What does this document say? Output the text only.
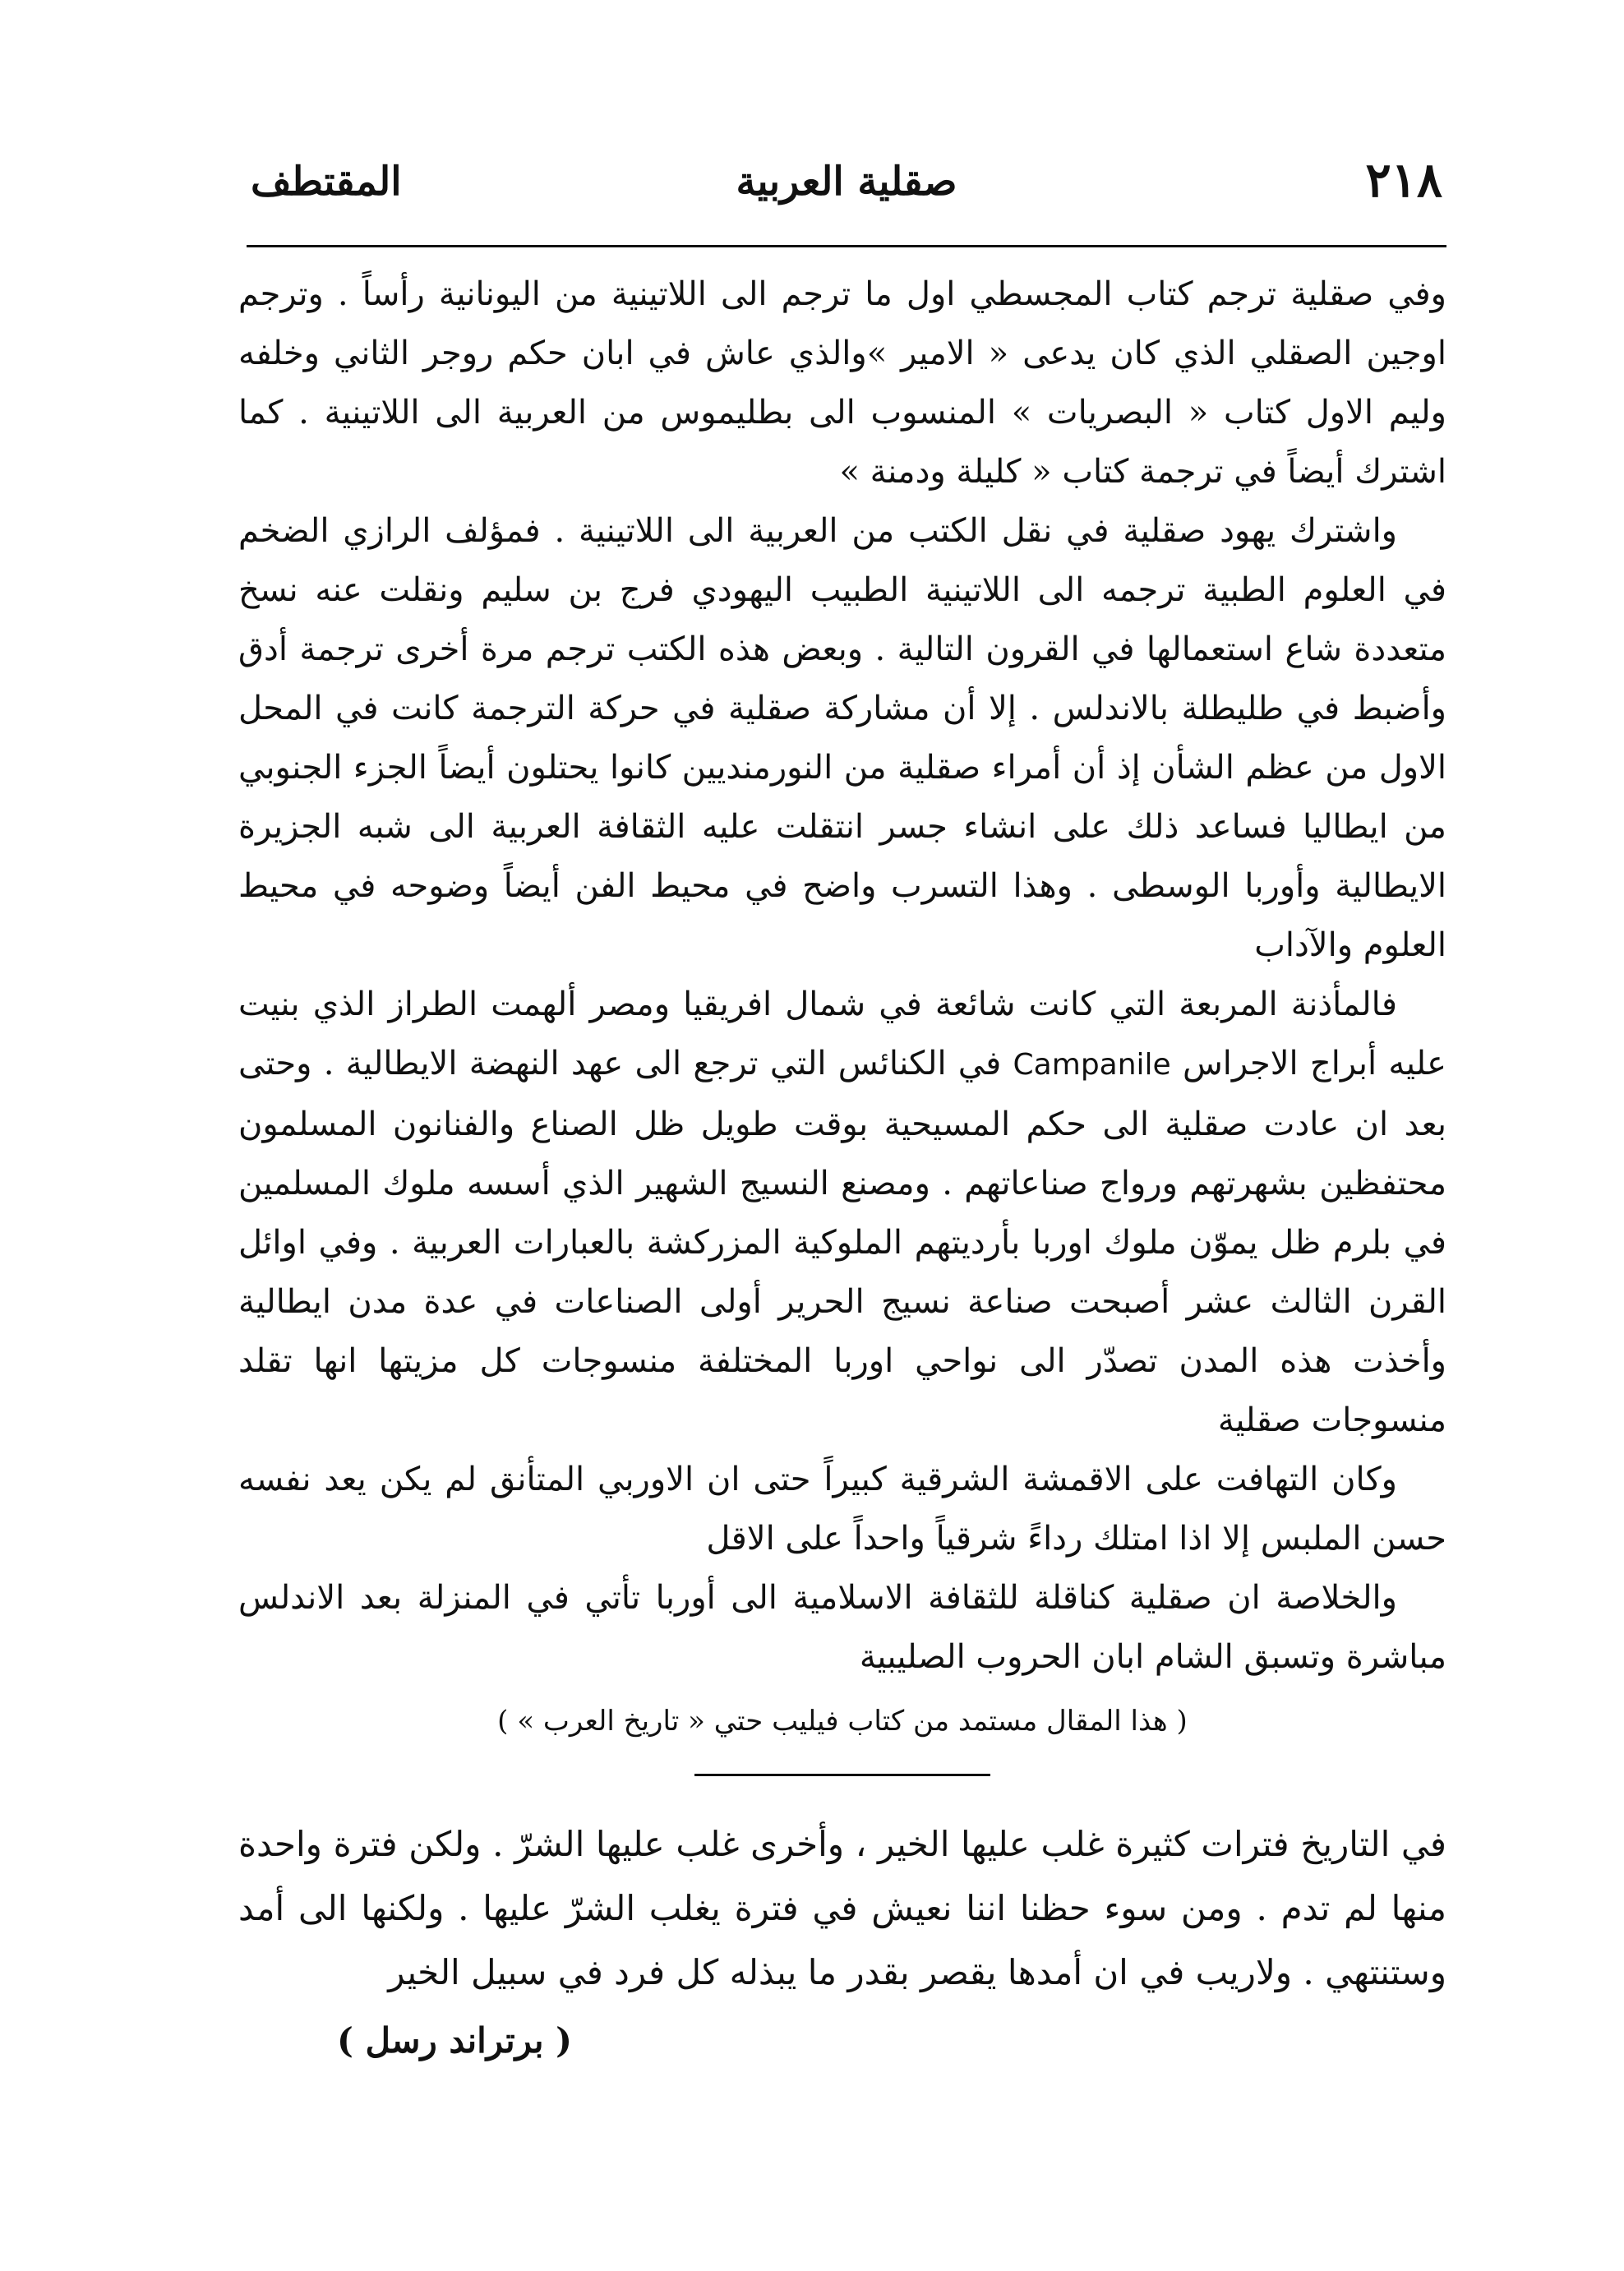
٢١٨
صقلية العربية
المقتطف

وفي صقلية ترجم كتاب المجسطي اول ما ترجم الى اللاتينية من اليونانية رأساً . وترجم اوجين الصقلي الذي كان يدعى « الامير »والذي عاش في ابان حكم روجر الثاني وخلفه وليم الاول كتاب « البصريات » المنسوب الى بطليموس من العربية الى اللاتينية . كما اشترك أيضاً في ترجمة كتاب « كليلة ودمنة »

واشترك يهود صقلية في نقل الكتب من العربية الى اللاتينية . فمؤلف الرازي الضخم في العلوم الطبية ترجمه الى اللاتينية الطبيب اليهودي فرج بن سليم ونقلت عنه نسخ متعددة شاع استعمالها في القرون التالية . وبعض هذه الكتب ترجم مرة أخرى ترجمة أدق وأضبط في طليطلة بالاندلس . إلا أن مشاركة صقلية في حركة الترجمة كانت في المحل الاول من عظم الشأن إذ أن أمراء صقلية من النورمنديين كانوا يحتلون أيضاً الجزء الجنوبي من ايطاليا فساعد ذلك على انشاء جسر انتقلت عليه الثقافة العربية الى شبه الجزيرة الايطالية وأوربا الوسطى . وهذا التسرب واضح في محيط الفن أيضاً وضوحه في محيط العلوم والآداب

فالمأذنة المربعة التي كانت شائعة في شمال افريقيا ومصر ألهمت الطراز الذي بنيت عليه أبراج الاجراس Campanile في الكنائس التي ترجع الى عهد النهضة الايطالية . وحتى بعد ان عادت صقلية الى حكم المسيحية بوقت طويل ظل الصناع والفنانون المسلمون محتفظين بشهرتهم ورواج صناعاتهم . ومصنع النسيج الشهير الذي أسسه ملوك المسلمين في بلرم ظل يموّن ملوك اوربا بأرديتهم الملوكية المزركشة بالعبارات العربية . وفي اوائل القرن الثالث عشر أصبحت صناعة نسيج الحرير أولى الصناعات في عدة مدن ايطالية وأخذت هذه المدن تصدّر الى نواحي اوربا المختلفة منسوجات كل مزيتها انها تقلد منسوجات صقلية

وكان التهافت على الاقمشة الشرقية كبيراً حتى ان الاوربي المتأنق لم يكن يعد نفسه حسن الملبس إلا اذا امتلك رداءً شرقياً واحداً على الاقل

والخلاصة ان صقلية كناقلة للثقافة الاسلامية الى أوربا تأتي في المنزلة بعد الاندلس مباشرة وتسبق الشام ابان الحروب الصليبية

( هذا المقال مستمد من كتاب فيليب حتي « تاريخ العرب » )

في التاريخ فترات كثيرة غلب عليها الخير ، وأخرى غلب عليها الشرّ . ولكن فترة واحدة منها لم تدم . ومن سوء حظنا اننا نعيش في فترة يغلب الشرّ عليها . ولكنها الى أمد وستنتهي . ولاريب في ان أمدها يقصر بقدر ما يبذله كل فرد في سبيل الخير

( برتراند رسل )
